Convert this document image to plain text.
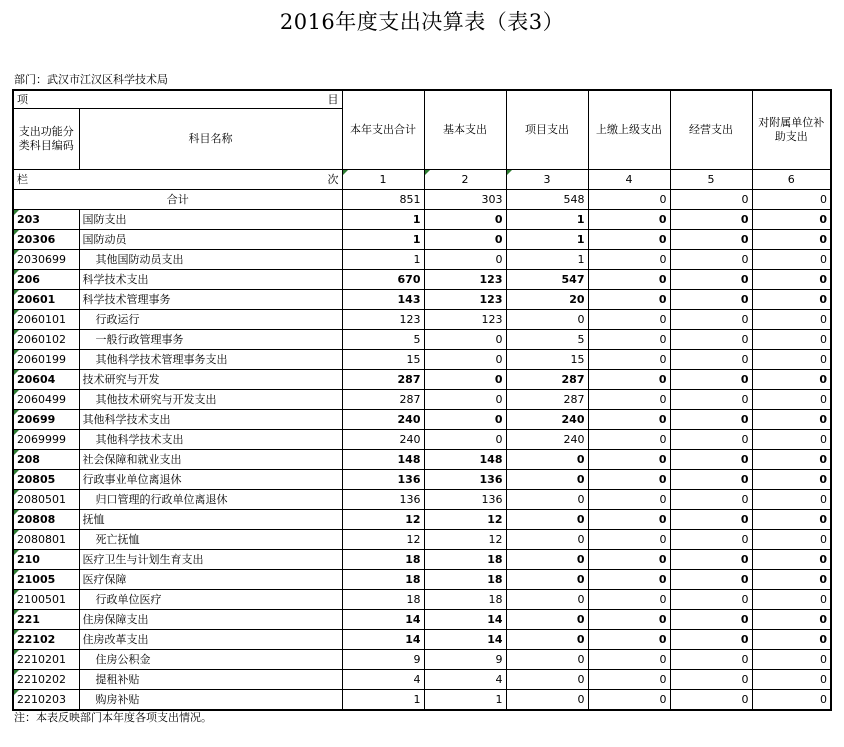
2016年度支出决算表（表3）
部门：武汉市江汉区科学技术局
项 目		本年支出合计	基本支出	项目支出	上缴上级支出	经营支出	对附属单位补助支出
支出功能分类科目编码	科目名称						

栏 次		1	2	3	4	5	6
合计		851	303	548	0	0	0
203	国防支出	1	0	1	0	0	0
20306	国防动员	1	0	1	0	0	0
2030699	其他国防动员支出	1	0	1	0	0	0
206	科学技术支出	670	123	547	0	0	0
20601	科学技术管理事务	143	123	20	0	0	0
2060101	行政运行	123	123	0	0	0	0
2060102	一般行政管理事务	5	0	5	0	0	0
2060199	其他科学技术管理事务支出	15	0	15	0	0	0
20604	技术研究与开发	287	0	287	0	0	0
2060499	其他技术研究与开发支出	287	0	287	0	0	0
20699	其他科学技术支出	240	0	240	0	0	0
2069999	其他科学技术支出	240	0	240	0	0	0
208	社会保障和就业支出	148	148	0	0	0	0
20805	行政事业单位离退休	136	136	0	0	0	0
2080501	归口管理的行政单位离退休	136	136	0	0	0	0
20808	抚恤	12	12	0	0	0	0
2080801	死亡抚恤	12	12	0	0	0	0
210	医疗卫生与计划生育支出	18	18	0	0	0	0
21005	医疗保障	18	18	0	0	0	0
2100501	行政单位医疗	18	18	0	0	0	0
221	住房保障支出	14	14	0	0	0	0
22102	住房改革支出	14	14	0	0	0	0
2210201	住房公积金	9	9	0	0	0	0
2210202	提租补贴	4	4	0	0	0	0
2210203	购房补贴	1	1	0	0	0	0
注：本表反映部门本年度各项支出情况。
